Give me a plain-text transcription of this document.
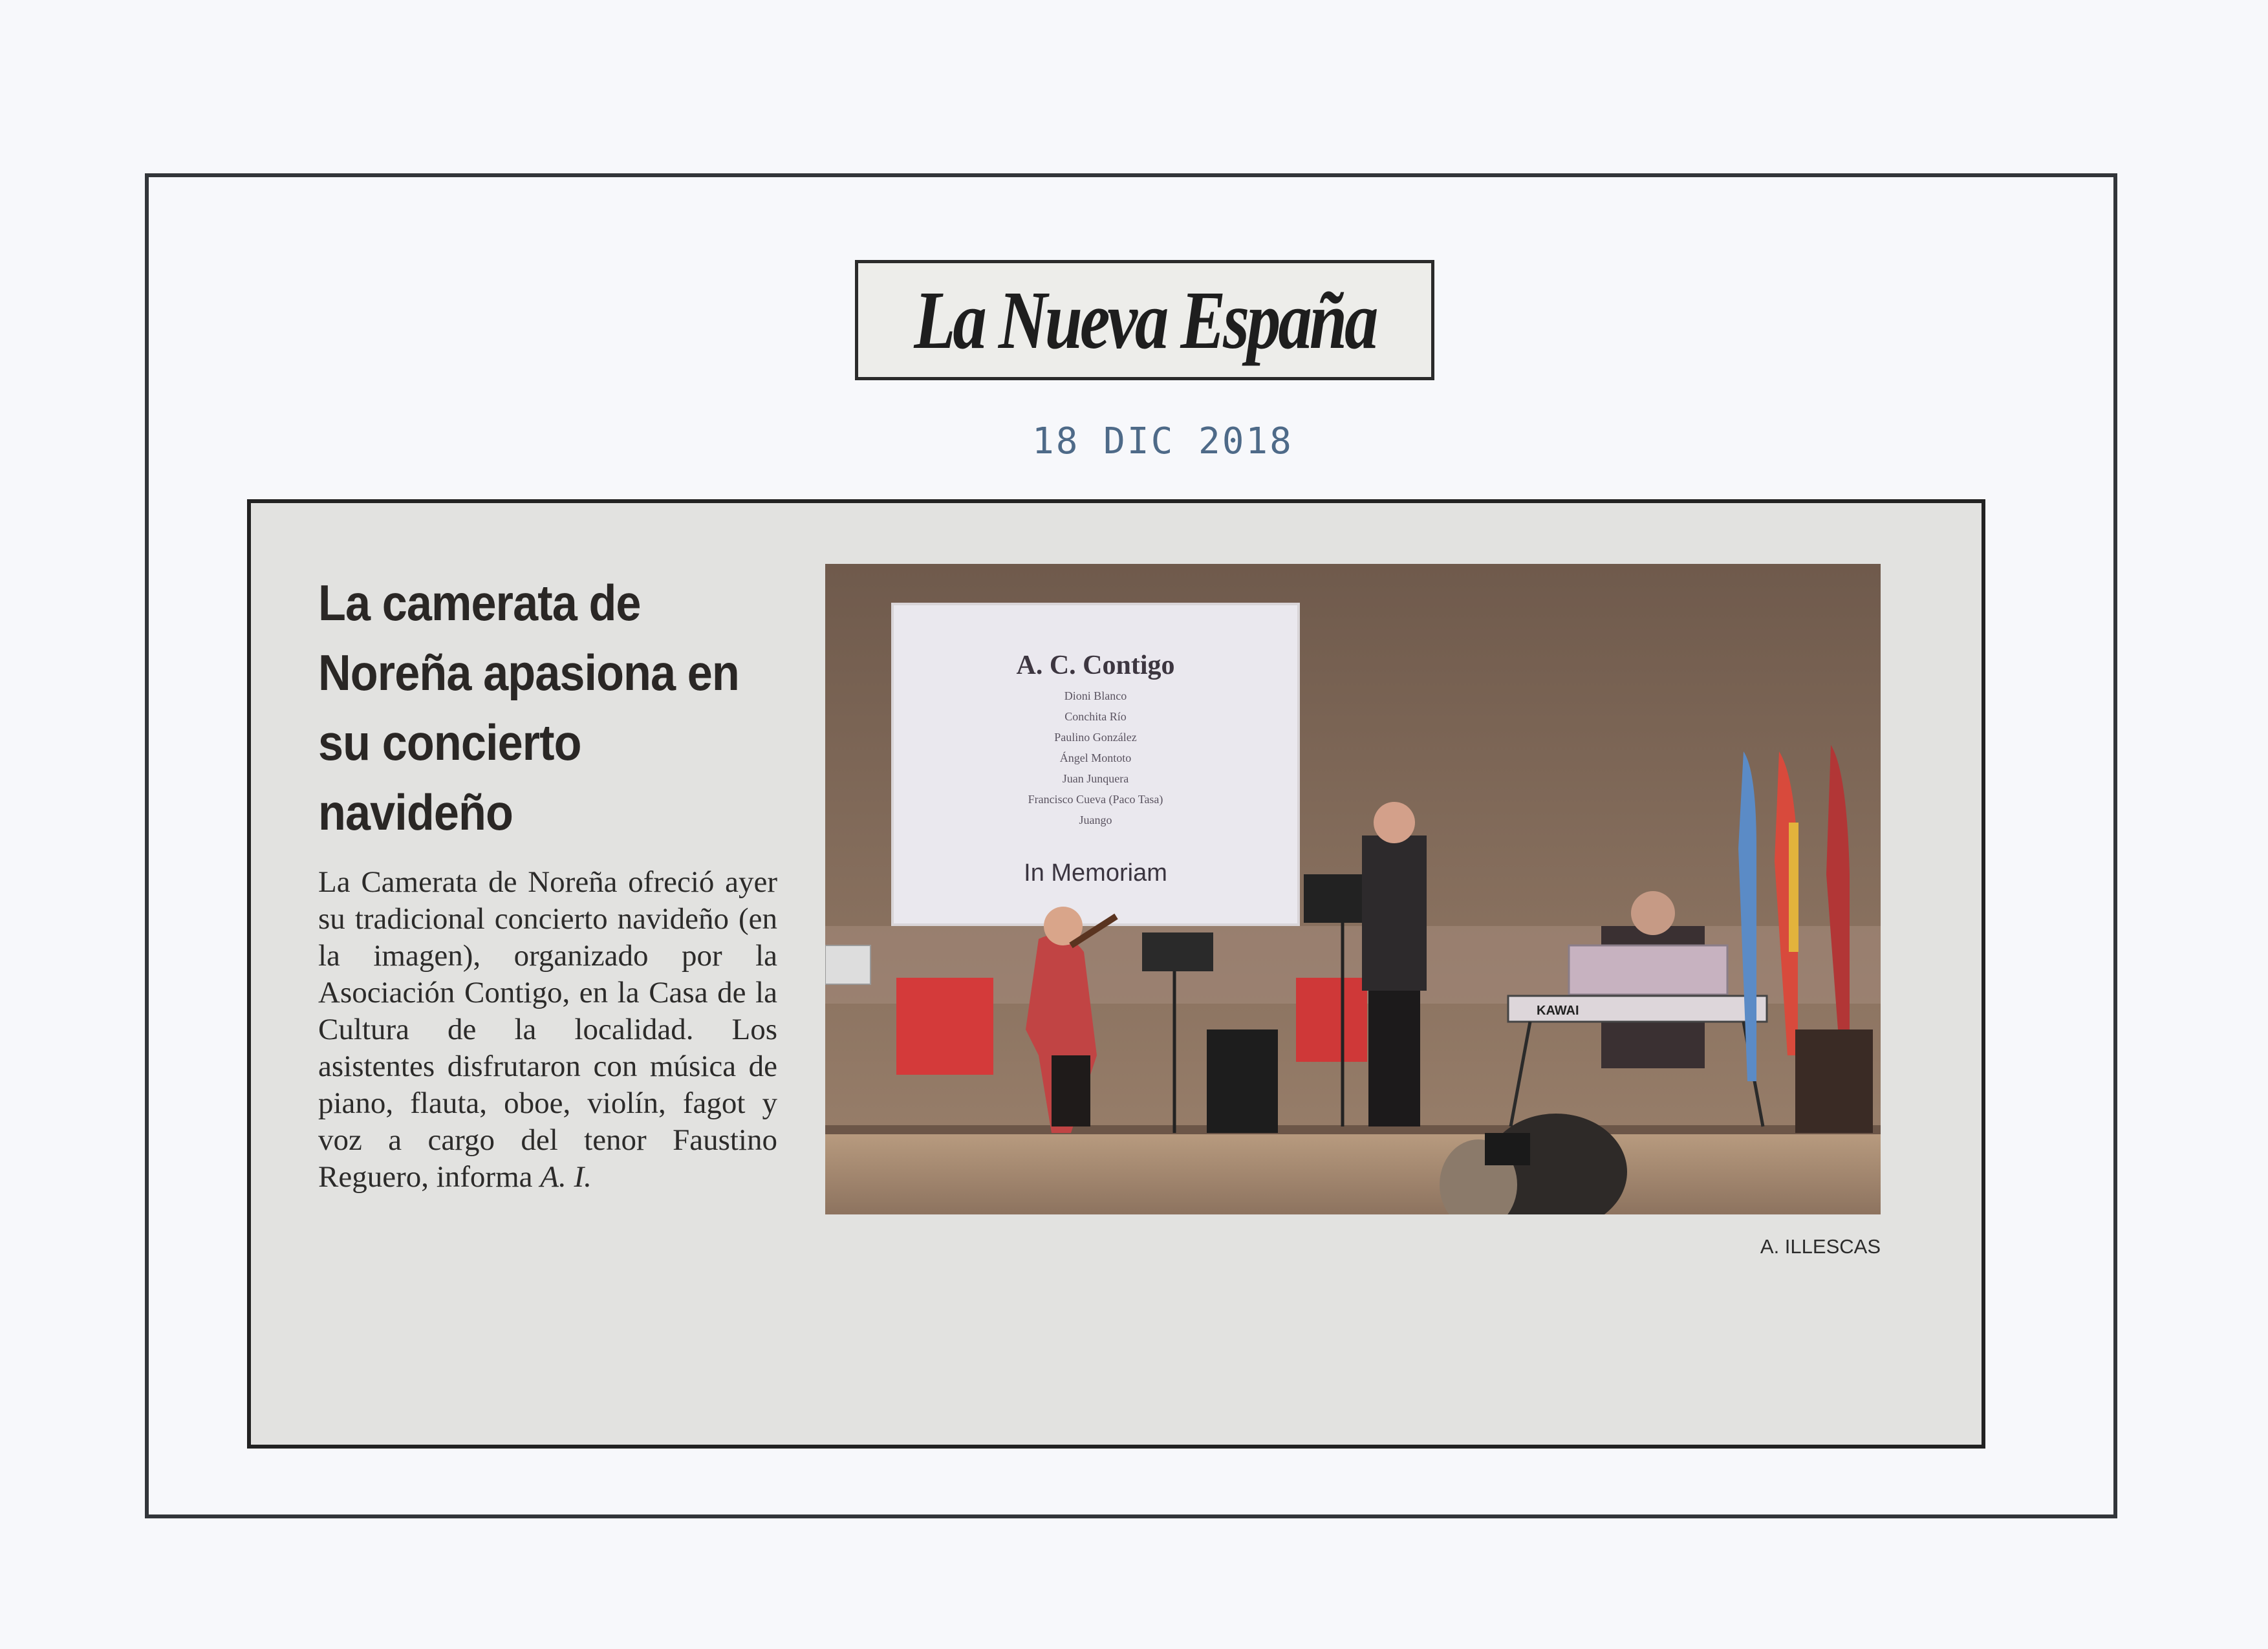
La Nueva España
18 DIC 2018
La camerata de Noreña apasiona en su concierto navideño

La Camerata de Noreña ofreció ayer su tradicional concierto navideño (en la imagen), organizado por la Asociación Contigo, en la Casa de la Cultura de la localidad. Los asistentes disfrutaron con música de piano, flauta, oboe, violín, fagot y voz a cargo del tenor Faustino Reguero, informa A. I.

A. C. Contigo
Dioni Blanco
Conchita Río
Paulino González
Ángel Montoto
Juan Junquera
Francisco Cueva (Paco Tasa)
Juango
In Memoriam
KAWAI
A. ILLESCAS
